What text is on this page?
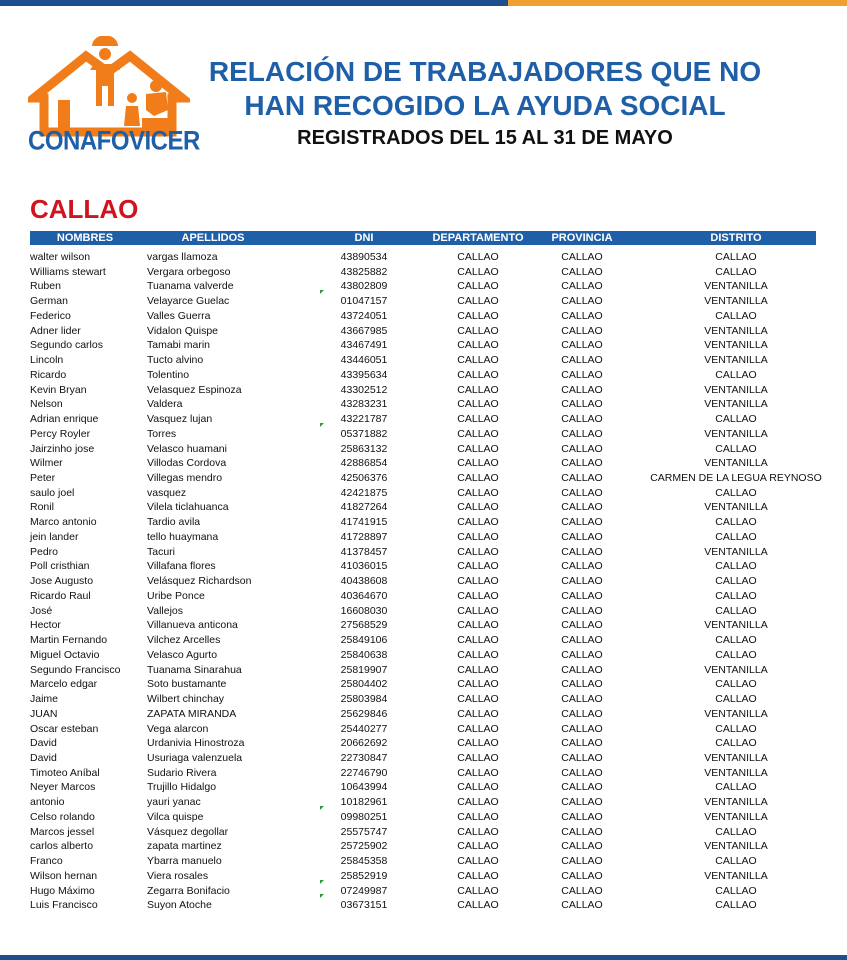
CONAFOVICER
RELACIÓN DE TRABAJADORES QUE NO
HAN RECOGIDO LA AYUDA SOCIAL
REGISTRADOS DEL 15 AL 31 DE MAYO
CALLAO
NOMBRES	APELLIDOS	DNI	DEPARTAMENTO	PROVINCIA	DISTRITO
walter wilson	vargas llamoza	43890534	CALLAO	CALLAO	CALLAO
Williams stewart	Vergara orbegoso	43825882	CALLAO	CALLAO	CALLAO
Ruben	Tuanama valverde	43802809	CALLAO	CALLAO	VENTANILLA
German	Velayarce Guelac	01047157	CALLAO	CALLAO	VENTANILLA
Federico	Valles Guerra	43724051	CALLAO	CALLAO	CALLAO
Adner lider	Vidalon Quispe	43667985	CALLAO	CALLAO	VENTANILLA
Segundo carlos	Tamabi marin	43467491	CALLAO	CALLAO	VENTANILLA
Lincoln	Tucto alvino	43446051	CALLAO	CALLAO	VENTANILLA
Ricardo	Tolentino	43395634	CALLAO	CALLAO	CALLAO
Kevin Bryan	Velasquez Espinoza	43302512	CALLAO	CALLAO	VENTANILLA
Nelson	Valdera	43283231	CALLAO	CALLAO	VENTANILLA
Adrian enrique	Vasquez lujan	43221787	CALLAO	CALLAO	CALLAO
Percy Royler	Torres	05371882	CALLAO	CALLAO	VENTANILLA
Jairzinho jose	Velasco huamani	25863132	CALLAO	CALLAO	CALLAO
Wilmer	Villodas Cordova	42886854	CALLAO	CALLAO	VENTANILLA
Peter	Villegas mendro	42506376	CALLAO	CALLAO	CARMEN DE LA LEGUA REYNOSO
saulo joel	vasquez	42421875	CALLAO	CALLAO	CALLAO
Ronil	Vilela ticlahuanca	41827264	CALLAO	CALLAO	VENTANILLA
Marco antonio	Tardio avila	41741915	CALLAO	CALLAO	CALLAO
jein lander	tello huaymana	41728897	CALLAO	CALLAO	CALLAO
Pedro	Tacuri	41378457	CALLAO	CALLAO	VENTANILLA
Poll cristhian	Villafana flores	41036015	CALLAO	CALLAO	CALLAO
Jose Augusto	Velásquez Richardson	40438608	CALLAO	CALLAO	CALLAO
Ricardo Raul	Uribe Ponce	40364670	CALLAO	CALLAO	CALLAO
José	Vallejos	16608030	CALLAO	CALLAO	CALLAO
Hector	Villanueva anticona	27568529	CALLAO	CALLAO	VENTANILLA
Martin Fernando	Vilchez Arcelles	25849106	CALLAO	CALLAO	CALLAO
Miguel Octavio	Velasco Agurto	25840638	CALLAO	CALLAO	CALLAO
Segundo Francisco	Tuanama Sinarahua	25819907	CALLAO	CALLAO	VENTANILLA
Marcelo edgar	Soto bustamante	25804402	CALLAO	CALLAO	CALLAO
Jaime	Wilbert chinchay	25803984	CALLAO	CALLAO	CALLAO
JUAN	ZAPATA MIRANDA	25629846	CALLAO	CALLAO	VENTANILLA
Oscar esteban	Vega alarcon	25440277	CALLAO	CALLAO	CALLAO
David	Urdanivia Hinostroza	20662692	CALLAO	CALLAO	CALLAO
David	Usuriaga valenzuela	22730847	CALLAO	CALLAO	VENTANILLA
Timoteo Aníbal	Sudario Rivera	22746790	CALLAO	CALLAO	VENTANILLA
Neyer Marcos	Trujillo Hidalgo	10643994	CALLAO	CALLAO	CALLAO
antonio	yauri yanac	10182961	CALLAO	CALLAO	VENTANILLA
Celso rolando	Vilca quispe	09980251	CALLAO	CALLAO	VENTANILLA
Marcos jessel	Vásquez degollar	25575747	CALLAO	CALLAO	CALLAO
carlos alberto	zapata martinez	25725902	CALLAO	CALLAO	VENTANILLA
Franco	Ybarra manuelo	25845358	CALLAO	CALLAO	CALLAO
Wilson hernan	Viera rosales	25852919	CALLAO	CALLAO	VENTANILLA
Hugo Máximo	Zegarra Bonifacio	07249987	CALLAO	CALLAO	CALLAO
Luis Francisco	Suyon Atoche	03673151	CALLAO	CALLAO	CALLAO
